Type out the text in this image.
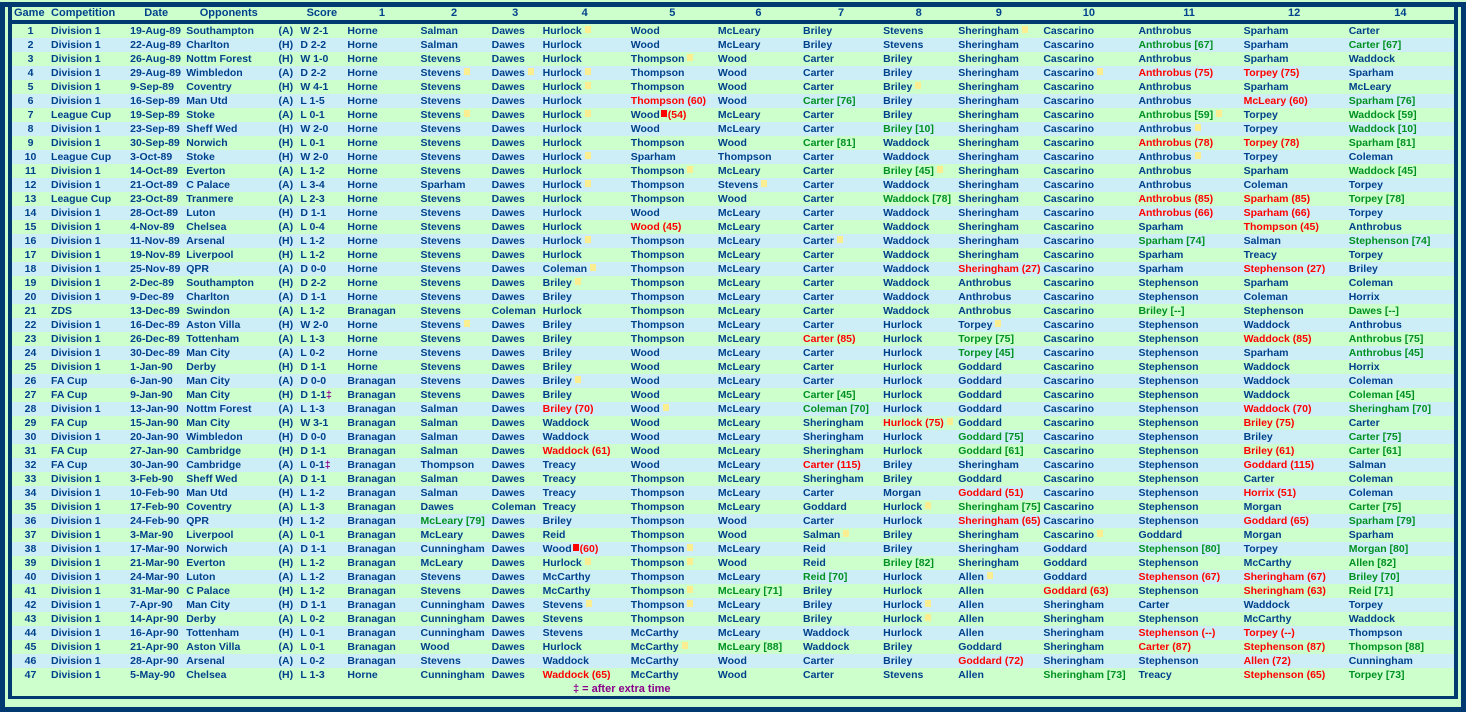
Game	Competition	Date	Opponents		Score	1	2	3	4	5	6	7	8	9	10	11	12	14
1	Division 1	19-Aug-89	Southampton	(A)	W 2-1	Horne	Salman	Dawes	Hurlock	Wood	McLeary	Briley	Stevens	Sheringham	Cascarino	Anthrobus	Sparham	Carter
2	Division 1	22-Aug-89	Charlton	(H)	D 2-2	Horne	Salman	Dawes	Hurlock	Wood	McLeary	Briley	Stevens	Sheringham	Cascarino	Anthrobus [67]	Sparham	Carter [67]
3	Division 1	26-Aug-89	Nottm Forest	(H)	W 1-0	Horne	Stevens	Dawes	Hurlock	Thompson	Wood	Carter	Briley	Sheringham	Cascarino	Anthrobus	Sparham	Waddock
4	Division 1	29-Aug-89	Wimbledon	(A)	D 2-2	Horne	Stevens	Dawes	Hurlock	Thompson	Wood	Carter	Briley	Sheringham	Cascarino	Anthrobus (75)	Torpey (75)	Sparham
5	Division 1	9-Sep-89	Coventry	(H)	W 4-1	Horne	Stevens	Dawes	Hurlock	Thompson	Wood	Carter	Briley	Sheringham	Cascarino	Anthrobus	Sparham	McLeary
6	Division 1	16-Sep-89	Man Utd	(A)	L 1-5	Horne	Stevens	Dawes	Hurlock	Thompson (60)	Wood	Carter [76]	Briley	Sheringham	Cascarino	Anthrobus	McLeary (60)	Sparham [76]
7	League Cup	19-Sep-89	Stoke	(A)	L 0-1	Horne	Stevens	Dawes	Hurlock	Wood (54)	McLeary	Carter	Briley	Sheringham	Cascarino	Anthrobus [59]	Torpey	Waddock [59]
8	Division 1	23-Sep-89	Sheff Wed	(H)	W 2-0	Horne	Stevens	Dawes	Hurlock	Wood	McLeary	Carter	Briley [10]	Sheringham	Cascarino	Anthrobus	Torpey	Waddock [10]
9	Division 1	30-Sep-89	Norwich	(H)	L 0-1	Horne	Stevens	Dawes	Hurlock	Thompson	Wood	Carter [81]	Waddock	Sheringham	Cascarino	Anthrobus (78)	Torpey (78)	Sparham [81]
10	League Cup	3-Oct-89	Stoke	(H)	W 2-0	Horne	Stevens	Dawes	Hurlock	Sparham	Thompson	Carter	Waddock	Sheringham	Cascarino	Anthrobus	Torpey	Coleman
11	Division 1	14-Oct-89	Everton	(A)	L 1-2	Horne	Stevens	Dawes	Hurlock	Thompson	McLeary	Carter	Briley [45]	Sheringham	Cascarino	Anthrobus	Sparham	Waddock [45]
12	Division 1	21-Oct-89	C Palace	(A)	L 3-4	Horne	Sparham	Dawes	Hurlock	Thompson	Stevens	Carter	Waddock	Sheringham	Cascarino	Anthrobus	Coleman	Torpey
13	League Cup	23-Oct-89	Tranmere	(A)	L 2-3	Horne	Stevens	Dawes	Hurlock	Thompson	Wood	Carter	Waddock [78]	Sheringham	Cascarino	Anthrobus (85)	Sparham (85)	Torpey [78]
14	Division 1	28-Oct-89	Luton	(H)	D 1-1	Horne	Stevens	Dawes	Hurlock	Wood	McLeary	Carter	Waddock	Sheringham	Cascarino	Anthrobus (66)	Sparham (66)	Torpey
15	Division 1	4-Nov-89	Chelsea	(A)	L 0-4	Horne	Stevens	Dawes	Hurlock	Wood (45)	McLeary	Carter	Waddock	Sheringham	Cascarino	Sparham	Thompson (45)	Anthrobus
16	Division 1	11-Nov-89	Arsenal	(H)	L 1-2	Horne	Stevens	Dawes	Hurlock	Thompson	McLeary	Carter	Waddock	Sheringham	Cascarino	Sparham [74]	Salman	Stephenson [74]
17	Division 1	19-Nov-89	Liverpool	(H)	L 1-2	Horne	Stevens	Dawes	Hurlock	Thompson	McLeary	Carter	Waddock	Sheringham	Cascarino	Sparham	Treacy	Torpey
18	Division 1	25-Nov-89	QPR	(A)	D 0-0	Horne	Stevens	Dawes	Coleman	Thompson	McLeary	Carter	Waddock	Sheringham (27)	Cascarino	Sparham	Stephenson (27)	Briley
19	Division 1	2-Dec-89	Southampton	(H)	D 2-2	Horne	Stevens	Dawes	Briley	Thompson	McLeary	Carter	Waddock	Anthrobus	Cascarino	Stephenson	Sparham	Coleman
20	Division 1	9-Dec-89	Charlton	(A)	D 1-1	Horne	Stevens	Dawes	Briley	Thompson	McLeary	Carter	Waddock	Anthrobus	Cascarino	Stephenson	Coleman	Horrix
21	ZDS	13-Dec-89	Swindon	(A)	L 1-2	Branagan	Stevens	Coleman	Hurlock	Thompson	McLeary	Carter	Waddock	Anthrobus	Cascarino	Briley [--]	Stephenson	Dawes [--]
22	Division 1	16-Dec-89	Aston Villa	(H)	W 2-0	Horne	Stevens	Dawes	Briley	Thompson	McLeary	Carter	Hurlock	Torpey	Cascarino	Stephenson	Waddock	Anthrobus
23	Division 1	26-Dec-89	Tottenham	(A)	L 1-3	Horne	Stevens	Dawes	Briley	Thompson	McLeary	Carter (85)	Hurlock	Torpey [75]	Cascarino	Stephenson	Waddock (85)	Anthrobus [75]
24	Division 1	30-Dec-89	Man City	(A)	L 0-2	Horne	Stevens	Dawes	Briley	Wood	McLeary	Carter	Hurlock	Torpey [45]	Cascarino	Stephenson	Sparham	Anthrobus [45]
25	Division 1	1-Jan-90	Derby	(H)	D 1-1	Horne	Stevens	Dawes	Briley	Wood	McLeary	Carter	Hurlock	Goddard	Cascarino	Stephenson	Waddock	Horrix
26	FA Cup	6-Jan-90	Man City	(A)	D 0-0	Branagan	Stevens	Dawes	Briley	Wood	McLeary	Carter	Hurlock	Goddard	Cascarino	Stephenson	Waddock	Coleman
27	FA Cup	9-Jan-90	Man City	(H)	D 1-1‡	Branagan	Stevens	Dawes	Briley	Wood	McLeary	Carter [45]	Hurlock	Goddard	Cascarino	Stephenson	Waddock	Coleman [45]
28	Division 1	13-Jan-90	Nottm Forest	(A)	L 1-3	Branagan	Salman	Dawes	Briley (70)	Wood	McLeary	Coleman [70]	Hurlock	Goddard	Cascarino	Stephenson	Waddock (70)	Sheringham [70]
29	FA Cup	15-Jan-90	Man City	(H)	W 3-1	Branagan	Salman	Dawes	Waddock	Wood	McLeary	Sheringham	Hurlock (75)	Goddard	Cascarino	Stephenson	Briley (75)	Carter
30	Division 1	20-Jan-90	Wimbledon	(H)	D 0-0	Branagan	Salman	Dawes	Waddock	Wood	McLeary	Sheringham	Hurlock	Goddard [75]	Cascarino	Stephenson	Briley	Carter [75]
31	FA Cup	27-Jan-90	Cambridge	(H)	D 1-1	Branagan	Salman	Dawes	Waddock (61)	Wood	McLeary	Sheringham	Hurlock	Goddard [61]	Cascarino	Stephenson	Briley (61)	Carter [61]
32	FA Cup	30-Jan-90	Cambridge	(A)	L 0-1‡	Branagan	Thompson	Dawes	Treacy	Wood	McLeary	Carter (115)	Briley	Sheringham	Cascarino	Stephenson	Goddard (115)	Salman
33	Division 1	3-Feb-90	Sheff Wed	(A)	D 1-1	Branagan	Salman	Dawes	Treacy	Thompson	McLeary	Sheringham	Briley	Goddard	Cascarino	Stephenson	Carter	Coleman
34	Division 1	10-Feb-90	Man Utd	(H)	L 1-2	Branagan	Salman	Dawes	Treacy	Thompson	McLeary	Carter	Morgan	Goddard (51)	Cascarino	Stephenson	Horrix (51)	Coleman
35	Division 1	17-Feb-90	Coventry	(A)	L 1-3	Branagan	Dawes	Coleman	Treacy	Thompson	McLeary	Goddard	Hurlock	Sheringham [75]	Cascarino	Stephenson	Morgan	Carter [75]
36	Division 1	24-Feb-90	QPR	(H)	L 1-2	Branagan	McLeary [79]	Dawes	Briley	Thompson	Wood	Carter	Hurlock	Sheringham (65)	Cascarino	Stephenson	Goddard (65)	Sparham [79]
37	Division 1	3-Mar-90	Liverpool	(A)	L 0-1	Branagan	McLeary	Dawes	Reid	Thompson	Wood	Salman	Briley	Sheringham	Cascarino	Goddard	Morgan	Sparham
38	Division 1	17-Mar-90	Norwich	(A)	D 1-1	Branagan	Cunningham	Dawes	Wood (60)	Thompson	McLeary	Reid	Briley	Sheringham	Goddard	Stephenson [80]	Torpey	Morgan [80]
39	Division 1	21-Mar-90	Everton	(H)	L 1-2	Branagan	McLeary	Dawes	Hurlock	Thompson	Wood	Reid	Briley [82]	Sheringham	Goddard	Stephenson	McCarthy	Allen [82]
40	Division 1	24-Mar-90	Luton	(A)	L 1-2	Branagan	Stevens	Dawes	McCarthy	Thompson	McLeary	Reid [70]	Hurlock	Allen	Goddard	Stephenson (67)	Sheringham (67)	Briley [70]
41	Division 1	31-Mar-90	C Palace	(H)	L 1-2	Branagan	Stevens	Dawes	McCarthy	Thompson	McLeary [71]	Briley	Hurlock	Allen	Goddard (63)	Stephenson	Sheringham (63)	Reid [71]
42	Division 1	7-Apr-90	Man City	(H)	D 1-1	Branagan	Cunningham	Dawes	Stevens	Thompson	McLeary	Briley	Hurlock	Allen	Sheringham	Carter	Waddock	Torpey
43	Division 1	14-Apr-90	Derby	(A)	L 0-2	Branagan	Cunningham	Dawes	Stevens	Thompson	McLeary	Briley	Hurlock	Allen	Sheringham	Stephenson	McCarthy	Waddock
44	Division 1	16-Apr-90	Tottenham	(H)	L 0-1	Branagan	Cunningham	Dawes	Stevens	McCarthy	McLeary	Waddock	Hurlock	Allen	Sheringham	Stephenson (--)	Torpey (--)	Thompson
45	Division 1	21-Apr-90	Aston Villa	(A)	L 0-1	Branagan	Wood	Dawes	Hurlock	McCarthy	McLeary [88]	Waddock	Briley	Goddard	Sheringham	Carter (87)	Stephenson (87)	Thompson [88]
46	Division 1	28-Apr-90	Arsenal	(A)	L 0-2	Branagan	Stevens	Dawes	Waddock	McCarthy	Wood	Carter	Briley	Goddard (72)	Sheringham	Stephenson	Allen (72)	Cunningham
47	Division 1	5-May-90	Chelsea	(H)	L 1-3	Horne	Cunningham	Dawes	Waddock (65)	McCarthy	Wood	Carter	Stevens	Allen	Sheringham [73]	Treacy	Stephenson (65)	Torpey [73]
‡ = after extra time
